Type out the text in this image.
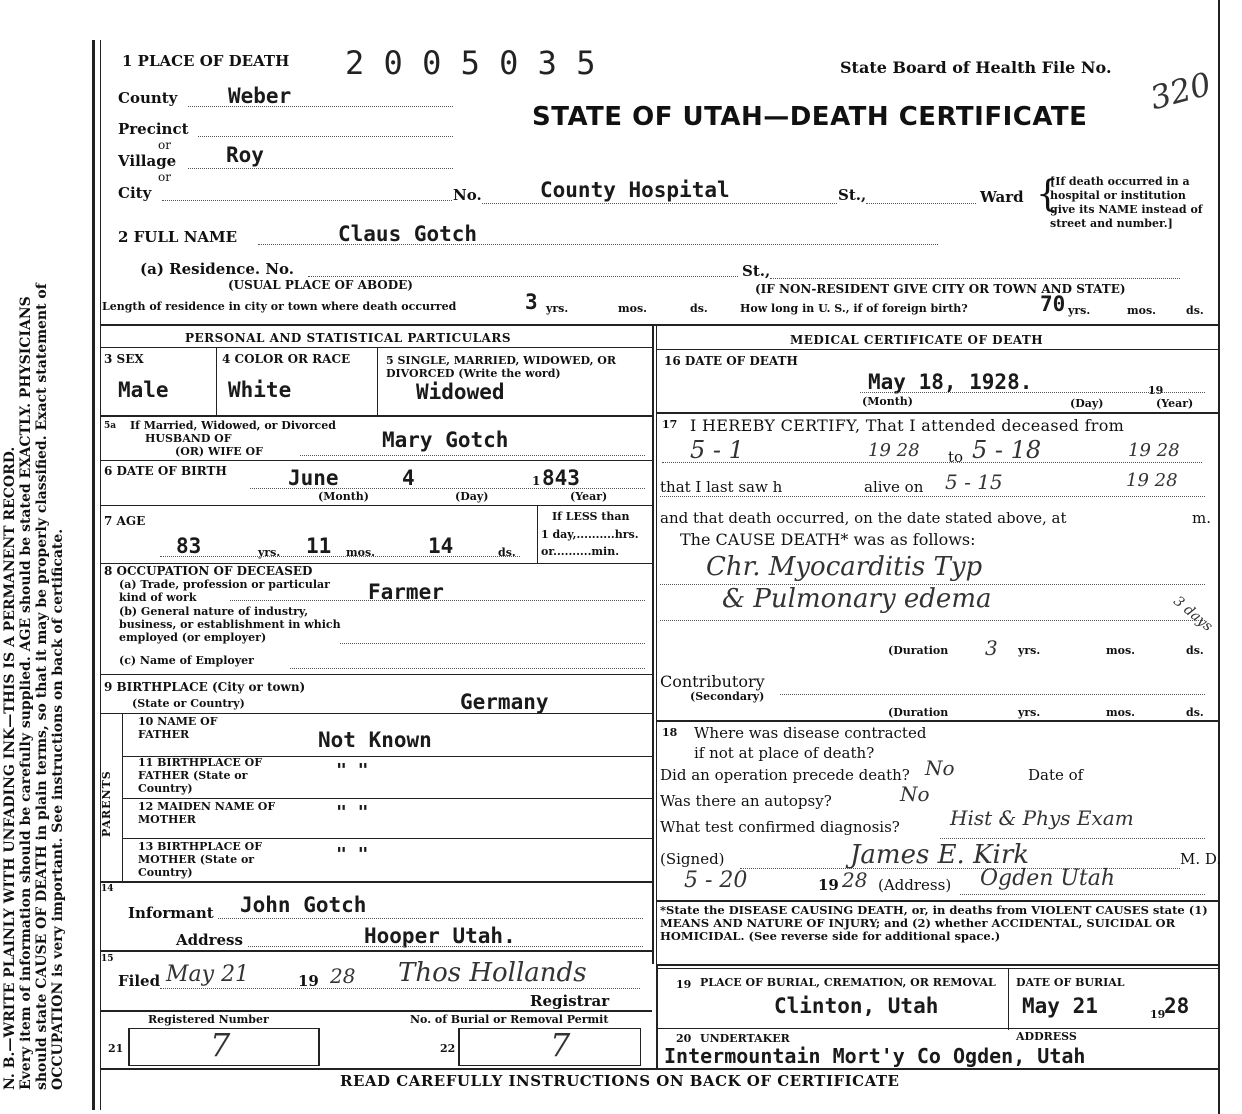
N. B.—WRITE PLAINLY WITH UNFADING INK—THIS IS A PERMANENT RECORD. Every item of information should be carefully supplied. AGE should be stated EXACTLY. PHYSICIANS should state CAUSE OF DEATH in plain terms, so that it may be properly classified. Exact statement of OCCUPATION is very important. See instructions on back of certificate.
1 PLACE OF DEATH 2 0 0 5 0 3 5	State Board of Health File No. 320
STATE OF UTAH—DEATH CERTIFICATE
County Weber
Precinct
or
Village Roy
or
City	No.	County Hospital	St.,	Ward {
[If death occurred in a hospital or institution give its NAME instead of street and number.]
2 FULL NAME	Claus Gotch
(a) Residence. No.	St.,
(USUAL PLACE OF ABODE)	(IF NON-RESIDENT GIVE CITY OR TOWN AND STATE)
Length of residence in city or town where death occurred	3 yrs.	mos.	ds.	How long in U. S., if of foreign birth?	70 yrs.	mos.	ds.
PERSONAL AND STATISTICAL PARTICULARS
3 SEX
Male
4 COLOR OR RACE
White
5 SINGLE, MARRIED, WIDOWED, OR DIVORCED (Write the word)
Widowed
5a If Married, Widowed, or Divorced
HUSBAND OF
(OR) WIFE OF	Mary Gotch
6 DATE OF BIRTH	June	4	1 843
(Month)	(Day)	(Year)
7 AGE
83	yrs. 11 mos.	14	ds.
If LESS than
1 day,..........hrs.
or..........min.
8 OCCUPATION OF DECEASED
(a) Trade, profession or particular kind of work
(b) General nature of industry, business, or establishment in which employed (or employer)
Farmer
(c) Name of Employer
9 BIRTHPLACE (City or town)
(State or Country)	Germany
PARENTS
10 NAME OF FATHER	Not Known
11 BIRTHPLACE OF FATHER (State or Country)
" "
12 MAIDEN NAME OF MOTHER	" "
13 BIRTHPLACE OF MOTHER (State or Country)
" "
14
Informant John Gotch
Address	Hooper Utah.
15
Filed May 21	19 28 Thos Hollands
Registrar
Registered Number	No. of Burial or Removal Permit
21	7	22	7
MEDICAL CERTIFICATE OF DEATH
16 DATE OF DEATH
May 18, 1928.	19
(Month)	(Day)	(Year)
17 I HEREBY CERTIFY, That I attended deceased from
5 - 1	19 28 to 5 - 18	19 28
that I last saw h	alive on 5 - 15	19 28
and that death occurred, on the date stated above, at	m.
The CAUSE DEATH* was as follows:
Chr. Myocarditis Typ
& Pulmonary edema	3 days
(Duration 3 yrs.	mos.	ds.
Contributory
(Secondary)
(Duration	yrs.	mos.	ds.
18 Where was disease contracted
if not at place of death?
Did an operation precede death? No	Date of
Was there an autopsy?	No
What test confirmed diagnosis?	Hist & Phys Exam
(Signed)	James E. Kirk	M. D.
5 - 20	19 28 (Address) Ogden Utah
*State the DISEASE CAUSING DEATH, or, in deaths from VIOLENT CAUSES state (1) MEANS AND NATURE OF INJURY; and (2) whether ACCIDENTAL, SUICIDAL OR HOMICIDAL. (See reverse side for additional space.)
19 PLACE OF BURIAL, CREMATION, OR REMOVAL
Clinton, Utah
DATE OF BURIAL
May 21	19
28
20 UNDERTAKER	ADDRESS
Intermountain Mort'y Co Ogden, Utah
READ CAREFULLY INSTRUCTIONS ON BACK OF CERTIFICATE
